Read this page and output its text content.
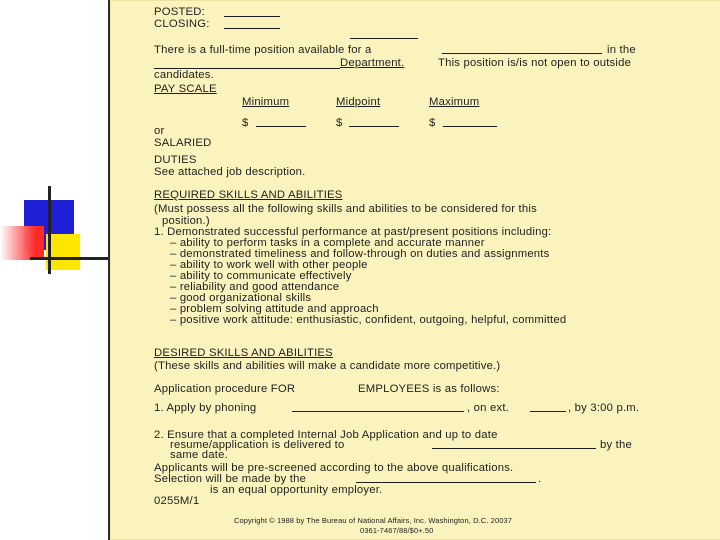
POSTED:
CLOSING:
There is a full-time position available for a	in the
Department.	This position is/is not open to outside
candidates.
PAY SCALE
Minimum	Midpoint	Maximum
$	$	$
or
SALARIED
DUTIES
See attached job description.
REQUIRED SKILLS AND ABILITIES
(Must possess all the following skills and abilities to be considered for this
position.)
1. Demonstrated successful performance at past/present positions including:
– ability to perform tasks in a complete and accurate manner
– demonstrated timeliness and follow-through on duties and assignments
– ability to work well with other people
– ability to communicate effectively
– reliability and good attendance
– good organizational skills
– problem solving attitude and approach
– positive work attitude: enthusiastic, confident, outgoing, helpful, committed
DESIRED SKILLS AND ABILITIES
(These skills and abilities will make a candidate more competitive.)
Application procedure FOR	EMPLOYEES is as follows:
1. Apply by phoning	, on ext.	, by 3:00 p.m.
2. Ensure that a completed Internal Job Application and up to date
resume/application is delivered to	by the
same date.
Applicants will be pre-screened according to the above qualifications.
Selection will be made by the	.
is an equal opportunity employer.
0255M/1
Copyright © 1988 by The Bureau of National Affairs, Inc. Washington, D.C. 20037
0361-7467/88/$0+.50
